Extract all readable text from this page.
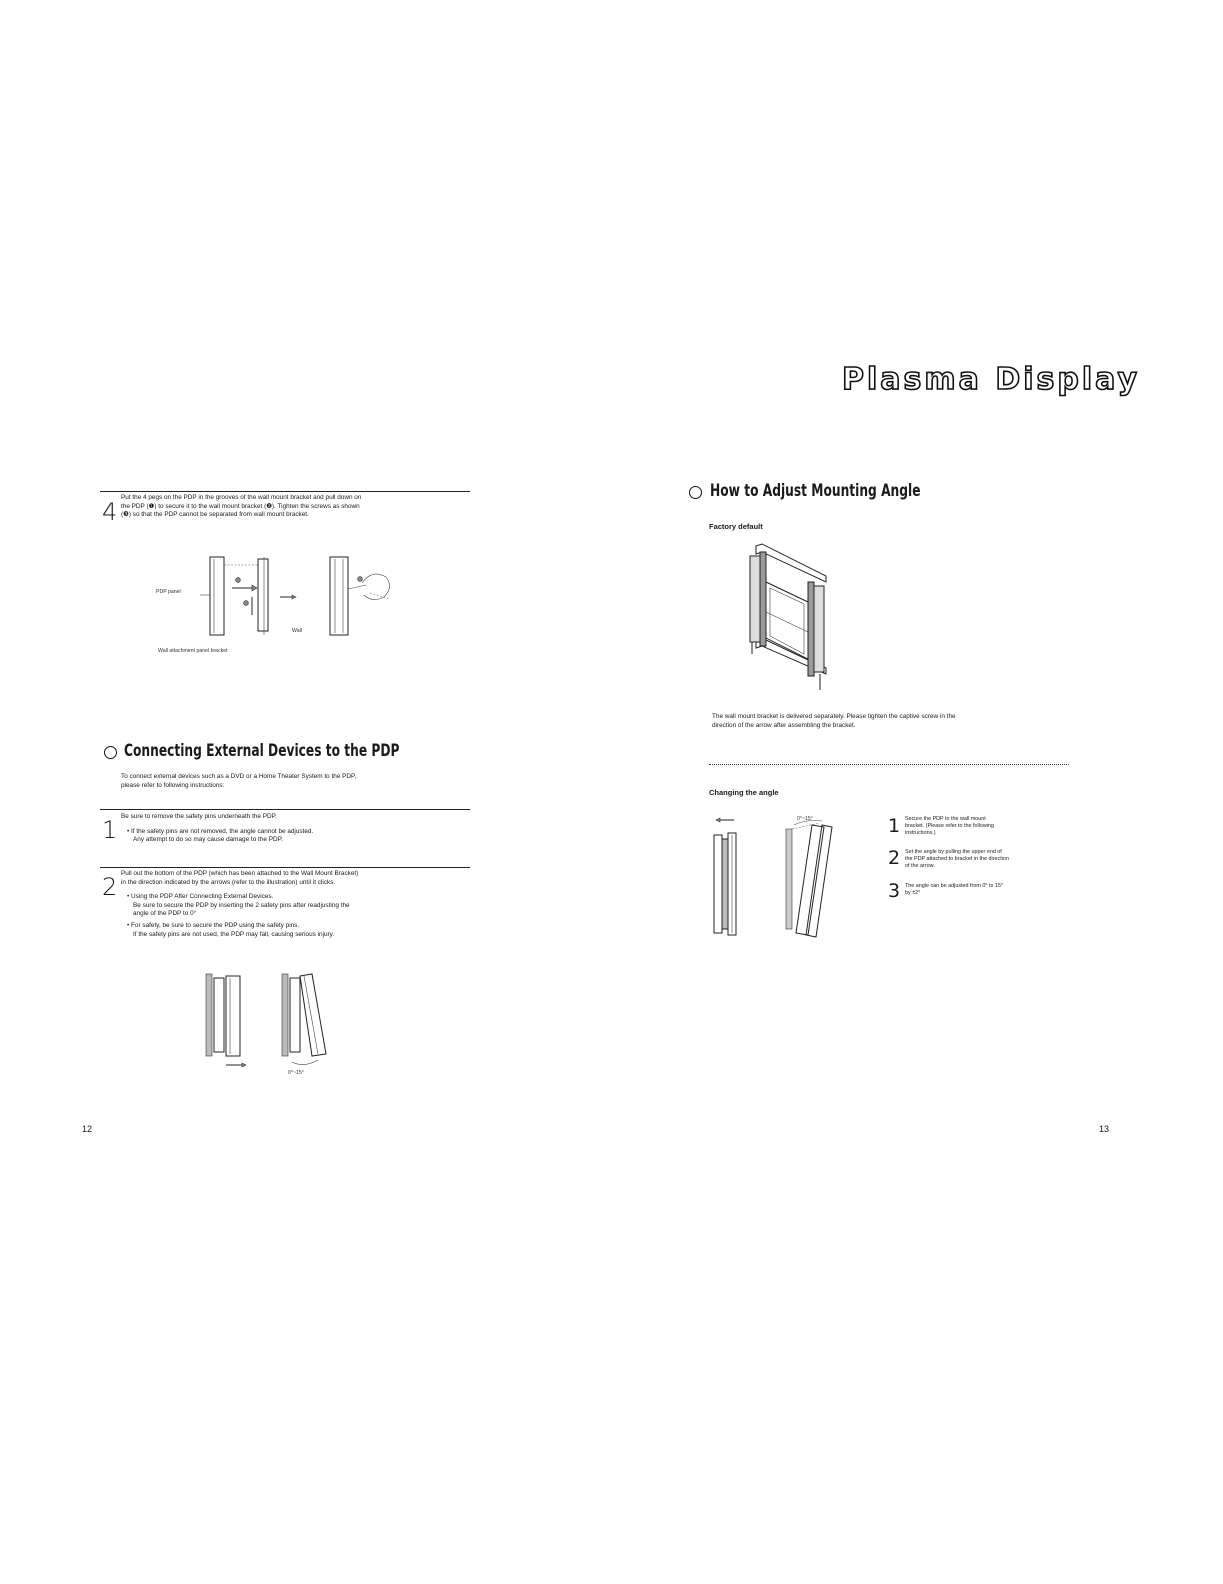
Plasma Display
4
Put the 4 pegs on the PDP in the grooves of the wall mount bracket and pull down on
the PDP (❶) to secure it to the wall mount bracket (❷). Tighten the screws as shown
(❸) so that the PDP cannot be separated from wall mount bracket.
PDP panel
Wall
Wall attachment panel bracket
Connecting External Devices to the PDP
To connect external devices such as a DVD or a Home Theater System to the PDP,
please refer to following instructions:
1 Be sure to remove the safety pins underneath the PDP.
• If the safety pins are not removed, the angle cannot be adjusted.
Any attempt to do so may cause damage to the PDP.
2 Pull out the bottom of the PDP (which has been attached to the Wall Mount Bracket)
in the direction indicated by the arrows (refer to the illustration) until it clicks.
• Using the PDP After Connecting External Devices.
Be sure to secure the PDP by inserting the 2 safety pins after readjusting the
angle of the PDP to 0°
• For safety, be sure to secure the PDP using the safety pins.
If the safety pins are not used, the PDP may fall, causing serious injury.
0°~15°
12
How to Adjust Mounting Angle
Factory default
The wall mount bracket is delivered separately. Please tighten the captive screw in the
direction of the arrow after assembling the bracket.
Changing the angle
0°~15°	1 Secure the PDP to the wall mount
bracket. (Please refer to the following
instructions.)
2 Set the angle by pulling the upper end of
the PDP attached to bracket in the direction
of the arrow.
3 The angle can be adjusted from 0° to 15°
by ±2°
13
